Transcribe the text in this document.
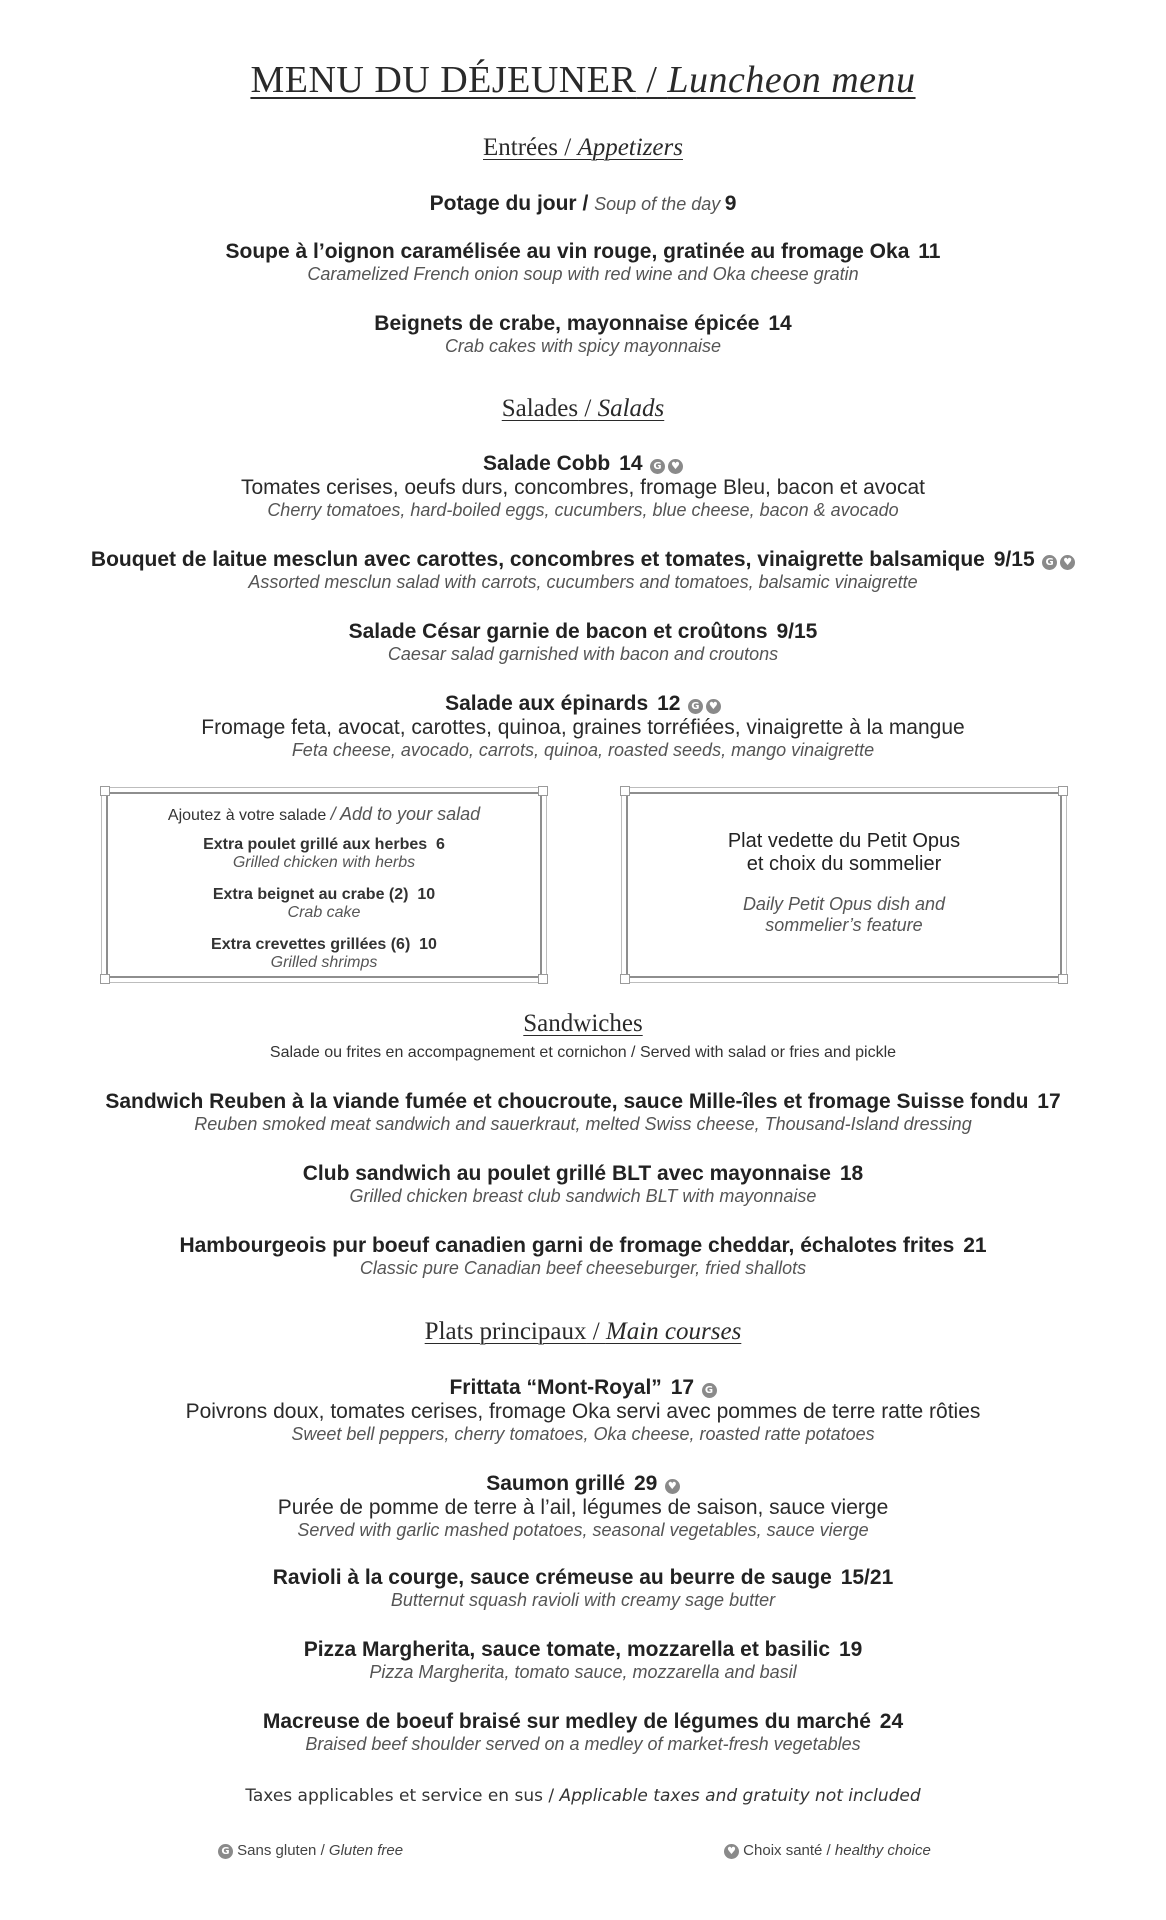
MENU DU DÉJEUNER / Luncheon menu
Entrées / Appetizers
Potage du jour / Soup of the day 9
Soupe à l’oignon caramélisée au vin rouge, gratinée au fromage Oka 11
Caramelized French onion soup with red wine and Oka cheese gratin
Beignets de crabe, mayonnaise épicée 14
Crab cakes with spicy mayonnaise
Salades / Salads
Salade Cobb 14 G ♥
Tomates cerises, oeufs durs, concombres, fromage Bleu, bacon et avocat
Cherry tomatoes, hard-boiled eggs, cucumbers, blue cheese, bacon & avocado
Bouquet de laitue mesclun avec carottes, concombres et tomates, vinaigrette balsamique 9/15 G ♥
Assorted mesclun salad with carrots, cucumbers and tomatoes, balsamic vinaigrette
Salade César garnie de bacon et croûtons 9/15
Caesar salad garnished with bacon and croutons
Salade aux épinards 12 G ♥
Fromage feta, avocat, carottes, quinoa, graines torréfiées, vinaigrette à la mangue
Feta cheese, avocado, carrots, quinoa, roasted seeds, mango vinaigrette
Ajoutez à votre salade / Add to your salad
Extra poulet grillé aux herbes 6
Grilled chicken with herbs
Extra beignet au crabe (2) 10
Crab cake
Extra crevettes grillées (6) 10
Grilled shrimps
Plat vedette du Petit Opus
et choix du sommelier
Daily Petit Opus dish and
sommelier’s feature
Sandwiches
Salade ou frites en accompagnement et cornichon / Served with salad or fries and pickle
Sandwich Reuben à la viande fumée et choucroute, sauce Mille-îles et fromage Suisse fondu 17
Reuben smoked meat sandwich and sauerkraut, melted Swiss cheese, Thousand-Island dressing
Club sandwich au poulet grillé BLT avec mayonnaise 18
Grilled chicken breast club sandwich BLT with mayonnaise
Hambourgeois pur boeuf canadien garni de fromage cheddar, échalotes frites 21
Classic pure Canadian beef cheeseburger, fried shallots
Plats principaux / Main courses
Frittata “Mont-Royal” 17 G
Poivrons doux, tomates cerises, fromage Oka servi avec pommes de terre ratte rôties
Sweet bell peppers, cherry tomatoes, Oka cheese, roasted ratte potatoes
Saumon grillé 29 ♥
Purée de pomme de terre à l’ail, légumes de saison, sauce vierge
Served with garlic mashed potatoes, seasonal vegetables, sauce vierge
Ravioli à la courge, sauce crémeuse au beurre de sauge 15/21
Butternut squash ravioli with creamy sage butter
Pizza Margherita, sauce tomate, mozzarella et basilic 19
Pizza Margherita, tomato sauce, mozzarella and basil
Macreuse de boeuf braisé sur medley de légumes du marché 24
Braised beef shoulder served on a medley of market-fresh vegetables
Taxes applicables et service en sus / Applicable taxes and gratuity not included
G Sans gluten / Gluten free	♥ Choix santé / healthy choice
